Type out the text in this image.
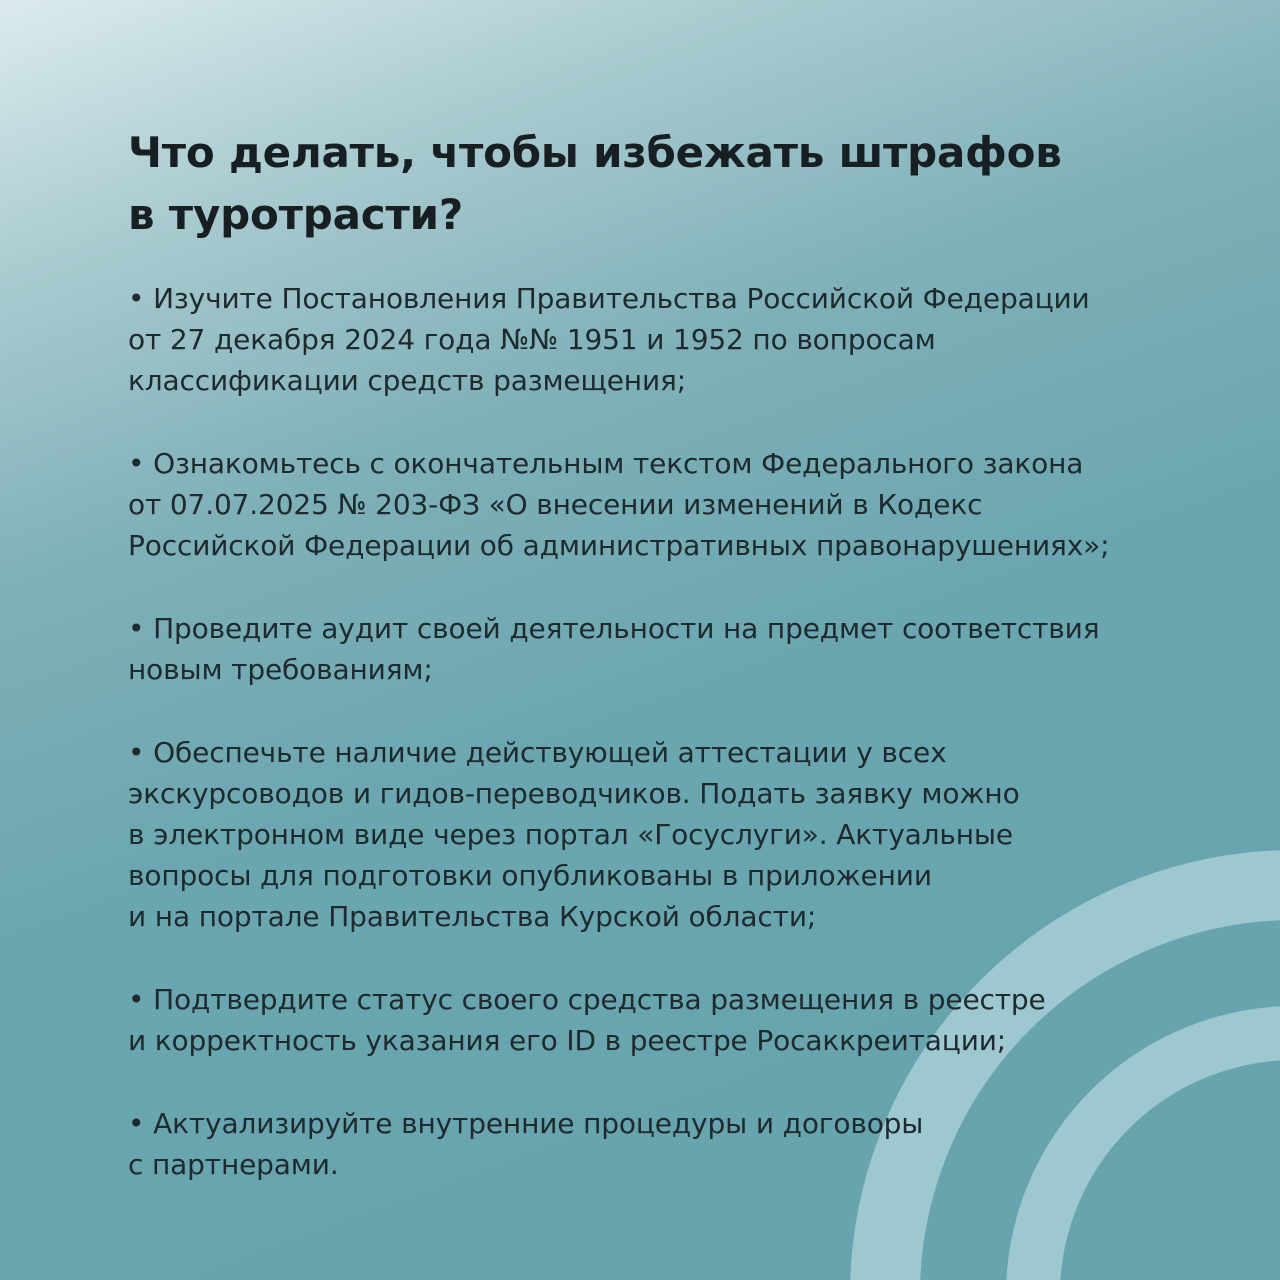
Что делать, чтобы избежать штрафов
в туротрасти?
• Изучите Постановления Правительства Российской Федерации
от 27 декабря 2024 года №№ 1951 и 1952 по вопросам
классификации средств размещения;
• Ознакомьтесь с окончательным текстом Федерального закона
от 07.07.2025 № 203-ФЗ «О внесении изменений в Кодекс
Российской Федерации об административных правонарушениях»;
• Проведите аудит своей деятельности на предмет соответствия
новым требованиям;
• Обеспечьте наличие действующей аттестации у всех
экскурсоводов и гидов-переводчиков. Подать заявку можно
в электронном виде через портал «Госуслуги». Актуальные
вопросы для подготовки опубликованы в приложении
и на портале Правительства Курской области;
• Подтвердите статус своего средства размещения в реестре
и корректность указания его ID в реестре Росаккреитации;
• Актуализируйте внутренние процедуры и договоры
с партнерами.
